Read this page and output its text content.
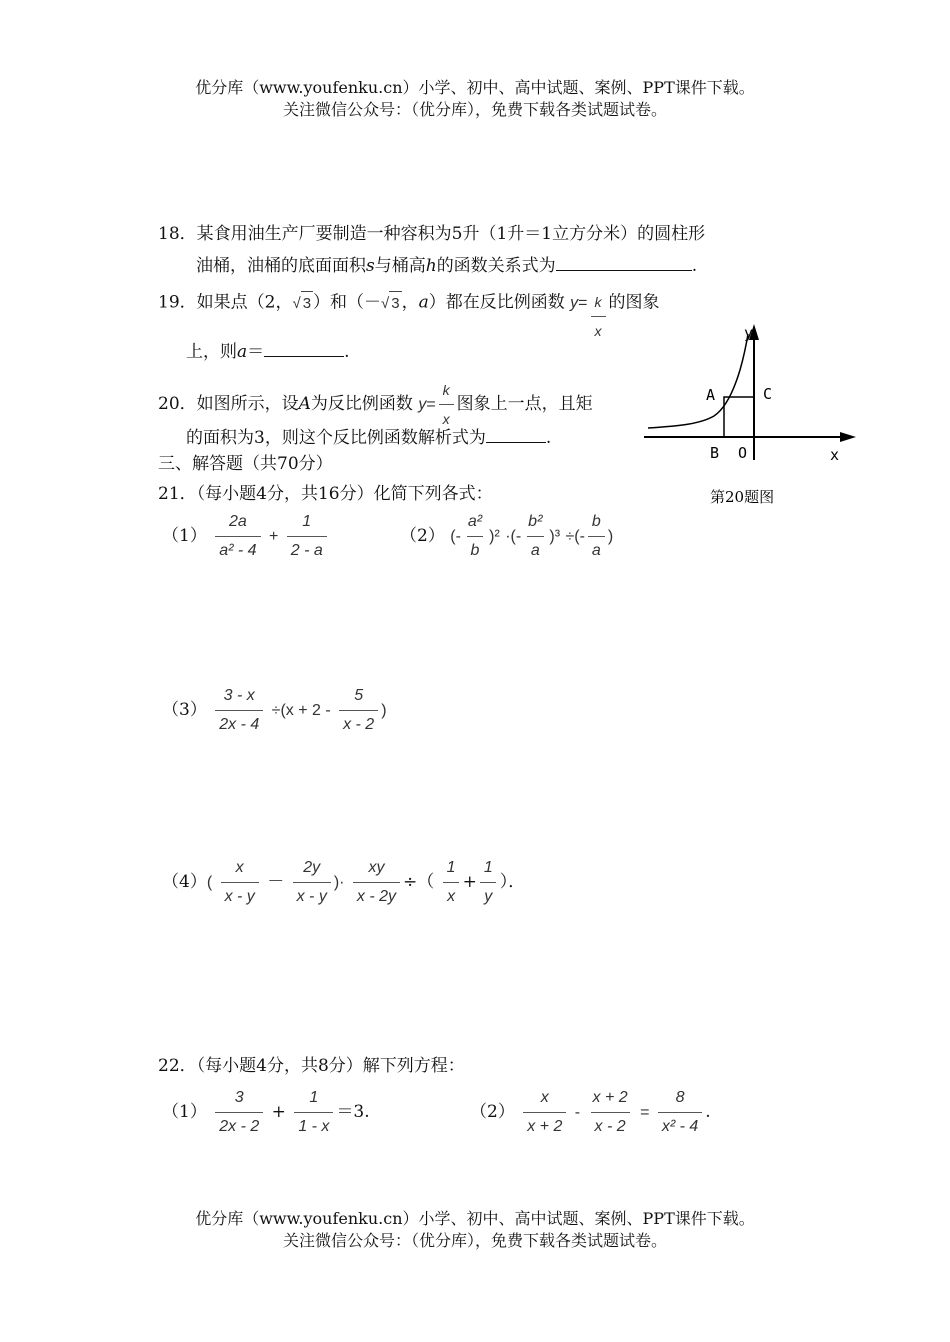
优分库（www.youfenku.cn）小学、初中、高中试题、案例、PPT课件下载。
关注微信公众号：（优分库），免费下载各类试题试卷。
18．某食用油生产厂要制造一种容积为5升（1升＝1立方分米）的圆柱形
油桶，油桶的底面面积s与桶高h的函数关系式为	.
19．如果点（2，√ 3 ）和（－√ 3 ，a）都在反比例函数 $y= \frac{k}{x}$ 的图象
上，则a＝	.
20．如图所示，设A为反比例函数 $y= \frac{k}{x}$ 图象上一点，且矩
的面积为3，则这个反比例函数解析式为	.
y
x
A	C
B O
第20题图
三、解答题（共70分）
21．（每小题4分，共16分）化简下列各式：
$(1) \frac{2a}{\text{a² - 4}} + \frac{1}{2 - a}$	（2） (- $\frac{\text{a²}}{b} )^2$ ·(- $\frac{\text{b²}}{a} )^3$ ÷(- $\frac{b}{a}$ )
$(3) \frac{3 - x}{2x - 4} \div(x + 2 - \frac{5}{x - 2}$ )
$(4)( \frac{x}{x - y} - \frac{2y}{x - y}$ )· $\frac{xy}{x - 2y}$ ÷（ $\frac{1}{x} + \frac{1}{y}$ ）．
22．（每小题4分，共8分）解下列方程：
$(1) \frac{3}{2x - 2} + \frac{1}{1 - x} =3$.	$(2) \frac{x}{x + 2} - \frac{x + 2}{x - 2} = \frac{8}{\text{x² - 4}}$ .
优分库（www.youfenku.cn）小学、初中、高中试题、案例、PPT课件下载。
关注微信公众号：（优分库），免费下载各类试题试卷。
